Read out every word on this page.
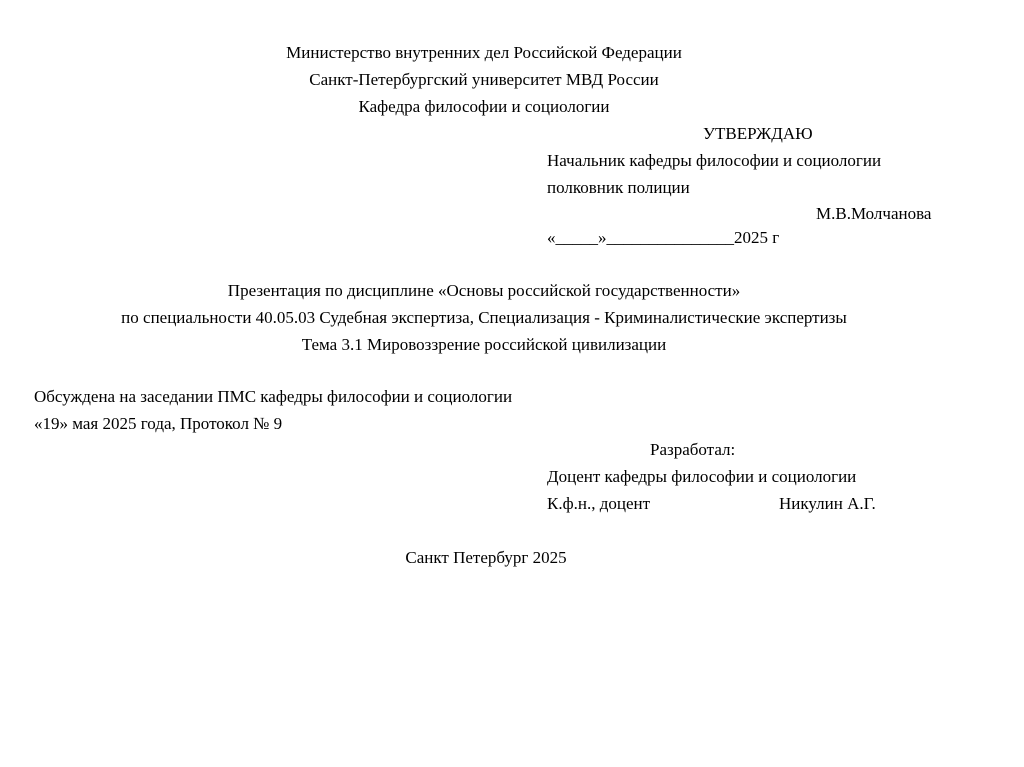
Министерство внутренних дел Российской Федерации
Санкт-Петербургский университет МВД России
Кафедра философии и социологии
УТВЕРЖДАЮ
Начальник кафедры философии и социологии
полковник полиции
М.В.Молчанова
«_____»_______________2025 г
Презентация по дисциплине «Основы российской государственности»
по специальности 40.05.03 Судебная экспертиза, Специализация - Криминалистические экспертизы
Тема 3.1 Мировоззрение российской цивилизации
Обсуждена на заседании ПМС кафедры философии и социологии
«19» мая 2025 года, Протокол № 9
Разработал:
Доцент кафедры философии и социологии
К.ф.н., доцент	Никулин А.Г.
Санкт Петербург 2025
